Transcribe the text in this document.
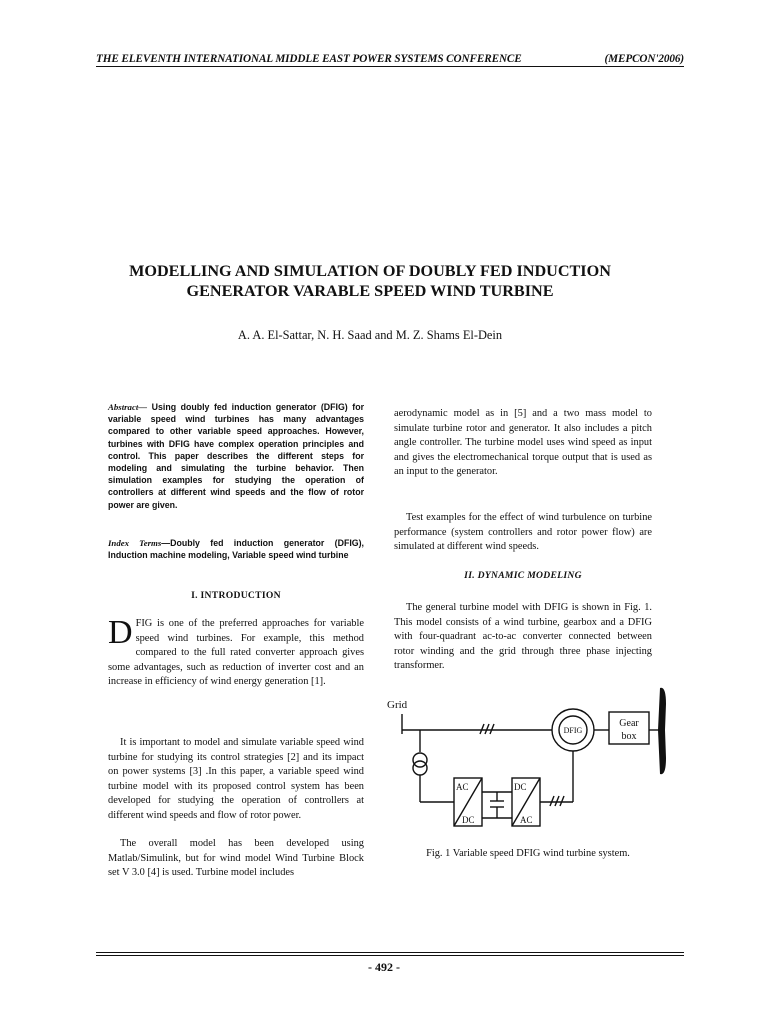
THE ELEVENTH INTERNATIONAL MIDDLE EAST POWER SYSTEMS CONFERENCE	(MEPCON'2006)
MODELLING AND SIMULATION OF DOUBLY FED INDUCTION
GENERATOR VARABLE SPEED WIND TURBINE
A. A. El-Sattar, N. H. Saad and M. Z. Shams El-Dein
Abstract— Using doubly fed induction generator (DFIG) for variable speed wind turbines has many advantages compared to other variable speed approaches. However, turbines with DFIG have complex operation principles and control. This paper describes the different steps for modeling and simulating the turbine behavior. Then simulation examples for studying the operation of controllers at different wind speeds and the flow of rotor power are given.
Index Terms—Doubly fed induction generator (DFIG), Induction machine modeling, Variable speed wind turbine
I. INTRODUCTION
DFIG is one of the preferred approaches for variable speed wind turbines. For example, this method compared to the full rated converter approach gives some advantages, such as reduction of inverter cost and an increase in efficiency of wind energy generation [1].

It is important to model and simulate variable speed wind turbine for studying its control strategies [2] and its impact on power systems [3] .In this paper, a variable speed wind turbine model with its proposed control system has been developed for studying the operation of controllers at different wind speeds and flow of rotor power.

The overall model has been developed using Matlab/Simulink, but for wind model Wind Turbine Block set V 3.0 [4] is used. Turbine model includes

aerodynamic model as in [5] and a two mass model to simulate turbine rotor and generator. It also includes a pitch angle controller. The turbine model uses wind speed as input and gives the electromechanical torque output that is used as an input to the generator.

Test examples for the effect of wind turbulence on turbine performance (system controllers and rotor power flow) are simulated at different wind speeds.

II. DYNAMIC MODELING

The general turbine model with DFIG is shown in Fig. 1. This model consists of a wind turbine, gearbox and a DFIG with four-quadrant ac-to-ac converter connected between rotor winding and the grid through three phase injecting transformer.

Grid
DFIG
Gear
box
AC
DC
DC
AC
Fig. 1 Variable speed DFIG wind turbine system.
- 492 -
